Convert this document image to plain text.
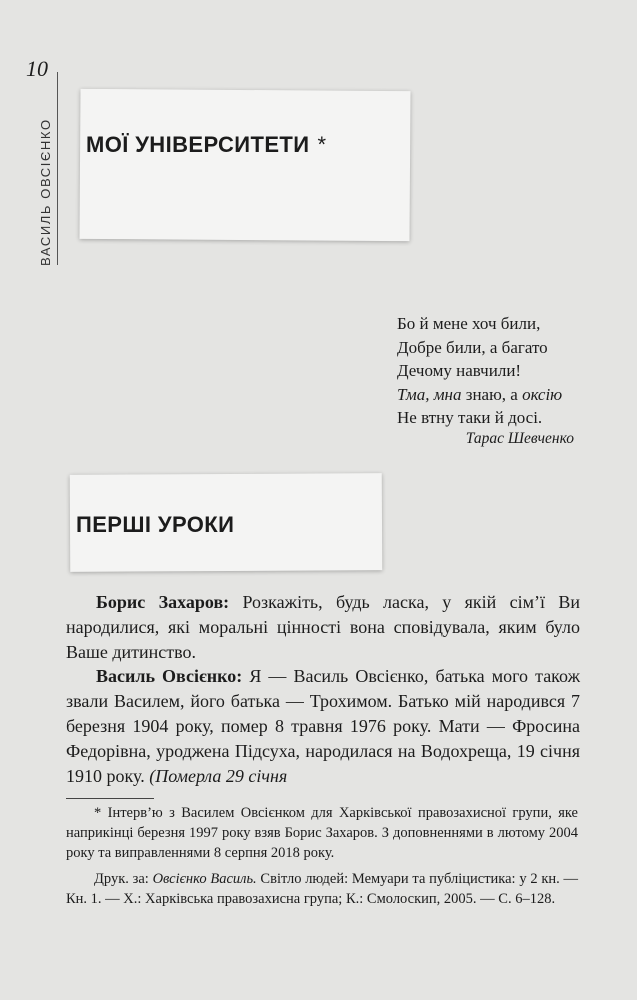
10
ВАСИЛЬ ОВСІЄНКО МОЇ УНІВЕРСИТЕТИ *
Бо й мене хоч били,
Добре били, а багато
Дечому навчили!
Тма, мна знаю, а оксію
Не втну таки й досі.
Тарас Шевченко
ПЕРШІ УРОКИ

Борис Захаров: Розкажіть, будь ласка, у якій сім’ї Ви народилися, які моральні цінності вона сповідувала, яким було Ваше дитинство.

Василь Овсієнко: Я — Василь Овсієнко, батька мого також звали Василем, його батька — Трохимом. Батько мій народився 7 березня 1904 року, помер 8 травня 1976 року. Мати — Фросина Федорівна, уроджена Підсуха, народилася на Водохреща, 19 січня 1910 року. (Померла 29 січня

* Інтерв’ю з Василем Овсієнком для Харківської правозахисної групи, яке наприкінці березня 1997 року взяв Борис Захаров. З доповненнями в лютому 2004 року та виправленнями 8 серпня 2018 року.

Друк. за: Овсієнко Василь. Світло людей: Мемуари та публіцистика: у 2 кн. — Кн. 1. — Х.: Харківська правозахисна група; К.: Смолоскип, 2005. — С. 6–128.
